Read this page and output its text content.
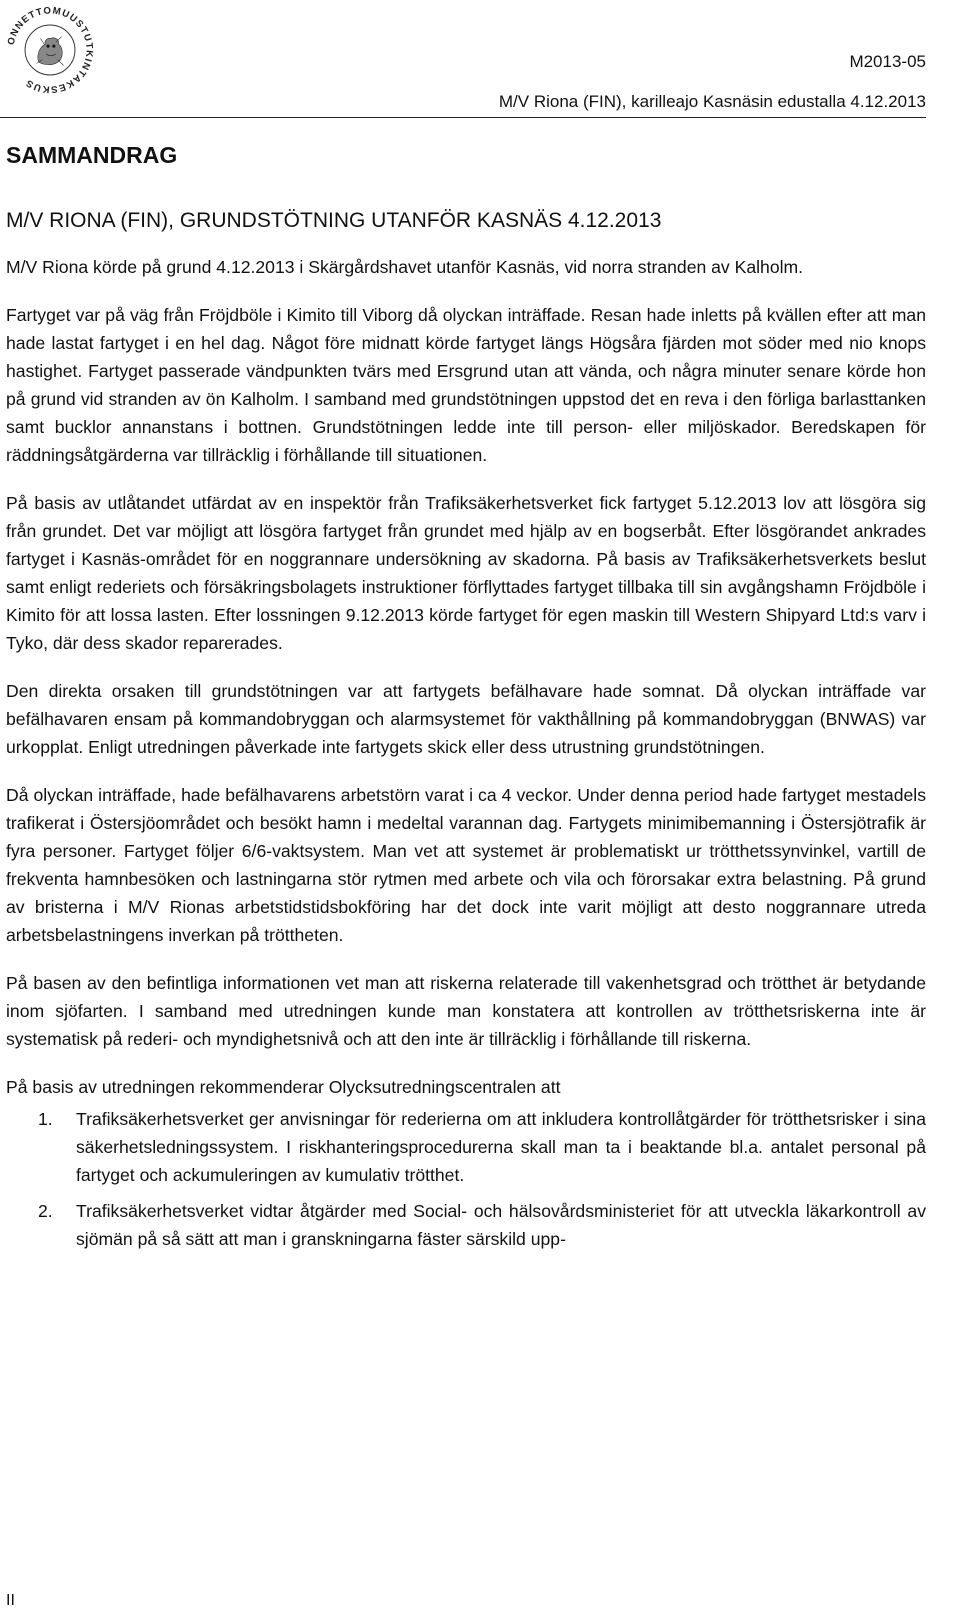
ONNETTOMUUSTUTKINTAKESKUS
M2013-05
M/V Riona (FIN), karilleajo Kasnäsin edustalla 4.12.2013
SAMMANDRAG
M/V RIONA (FIN), GRUNDSTÖTNING UTANFÖR KASNÄS 4.12.2013

M/V Riona körde på grund 4.12.2013 i Skärgårdshavet utanför Kasnäs, vid norra stranden av Kalholm.

Fartyget var på väg från Fröjdböle i Kimito till Viborg då olyckan inträffade. Resan hade inletts på kvällen efter att man hade lastat fartyget i en hel dag. Något före midnatt körde fartyget längs Högsåra fjärden mot söder med nio knops hastighet. Fartyget passerade vändpunkten tvärs med Ersgrund utan att vända, och några minuter senare körde hon på grund vid stranden av ön Kalholm. I samband med grundstötningen uppstod det en reva i den förliga barlasttanken samt bucklor annanstans i bottnen. Grundstötningen ledde inte till person- eller miljöskador. Beredskapen för räddningsåtgärderna var tillräcklig i förhållande till situationen.

På basis av utlåtandet utfärdat av en inspektör från Trafiksäkerhetsverket fick fartyget 5.12.2013 lov att lösgöra sig från grundet. Det var möjligt att lösgöra fartyget från grundet med hjälp av en bogserbåt. Efter lösgörandet ankrades fartyget i Kasnäs-området för en noggrannare undersökning av skadorna. På basis av Trafiksäkerhetsverkets beslut samt enligt rederiets och försäkringsbolagets instruktioner förflyttades fartyget tillbaka till sin avgångshamn Fröjdböle i Kimito för att lossa lasten. Efter lossningen 9.12.2013 körde fartyget för egen maskin till Western Shipyard Ltd:s varv i Tyko, där dess skador reparerades.

Den direkta orsaken till grundstötningen var att fartygets befälhavare hade somnat. Då olyckan inträffade var befälhavaren ensam på kommandobryggan och alarmsystemet för vakthållning på kommandobryggan (BNWAS) var urkopplat. Enligt utredningen påverkade inte fartygets skick eller dess utrustning grundstötningen.

Då olyckan inträffade, hade befälhavarens arbetstörn varat i ca 4 veckor. Under denna period hade fartyget mestadels trafikerat i Östersjöområdet och besökt hamn i medeltal varannan dag. Fartygets minimibemanning i Östersjötrafik är fyra personer. Fartyget följer 6/6-vaktsystem. Man vet att systemet är problematiskt ur trötthetssynvinkel, vartill de frekventa hamnbesöken och lastningarna stör rytmen med arbete och vila och förorsakar extra belastning. På grund av bristerna i M/V Rionas arbetstidstidsbokföring har det dock inte varit möjligt att desto noggrannare utreda arbetsbelastningens inverkan på tröttheten.

På basen av den befintliga informationen vet man att riskerna relaterade till vakenhetsgrad och trötthet är betydande inom sjöfarten. I samband med utredningen kunde man konstatera att kontrollen av trötthetsriskerna inte är systematisk på rederi- och myndighetsnivå och att den inte är tillräcklig i förhållande till riskerna.

På basis av utredningen rekommenderar Olycksutredningscentralen att

1. Trafiksäkerhetsverket ger anvisningar för rederierna om att inkludera kontrollåtgärder för trötthetsrisker i sina säkerhetsledningssystem. I riskhanteringsprocedurerna skall man ta i beaktande bl.a. antalet personal på fartyget och ackumuleringen av kumulativ trötthet.
2. Trafiksäkerhetsverket vidtar åtgärder med Social- och hälsovårdsministeriet för att utveckla läkarkontroll av sjömän på så sätt att man i granskningarna fäster särskild upp-
II
